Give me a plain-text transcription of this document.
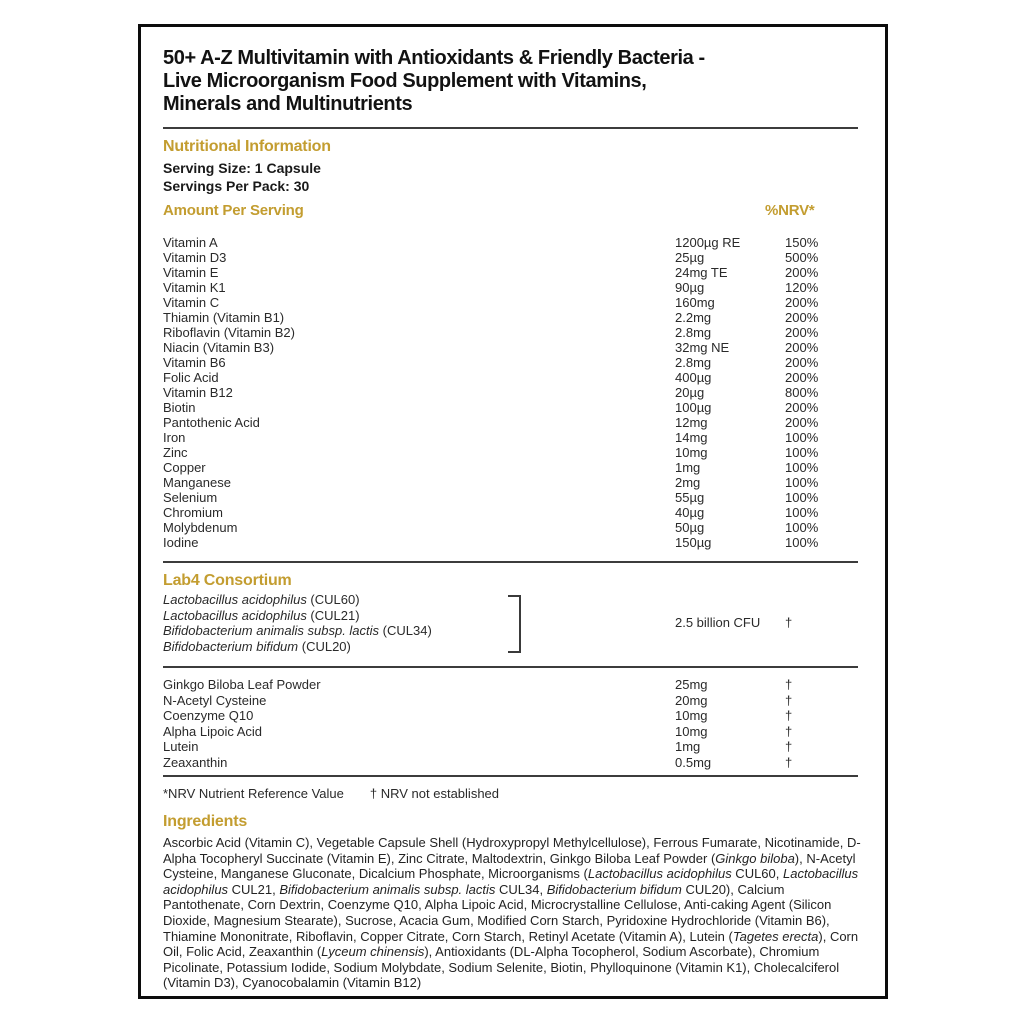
50+ A-Z Multivitamin with Antioxidants & Friendly Bacteria -
Live Microorganism Food Supplement with Vitamins,
Minerals and Multinutrients
Nutritional Information
Serving Size: 1 Capsule
Servings Per Pack: 30
Amount Per Serving	%NRV*
Vitamin A	1200µg RE	150%
Vitamin D3	25µg	500%
Vitamin E	24mg TE	200%
Vitamin K1	90µg	120%
Vitamin C	160mg	200%
Thiamin (Vitamin B1)	2.2mg	200%
Riboflavin (Vitamin B2)	2.8mg	200%
Niacin (Vitamin B3)	32mg NE	200%
Vitamin B6	2.8mg	200%
Folic Acid	400µg	200%
Vitamin B12	20µg	800%
Biotin	100µg	200%
Pantothenic Acid	12mg	200%
Iron	14mg	100%
Zinc	10mg	100%
Copper	1mg	100%
Manganese	2mg	100%
Selenium	55µg	100%
Chromium	40µg	100%
Molybdenum	50µg	100%
Iodine	150µg	100%
Lab4 Consortium
Lactobacillus acidophilus (CUL60)
Lactobacillus acidophilus (CUL21)
Bifidobacterium animalis subsp. lactis (CUL34)
Bifidobacterium bifidum (CUL20)
2.5 billion CFU †
Ginkgo Biloba Leaf Powder	25mg	†
N-Acetyl Cysteine	20mg	†
Coenzyme Q10	10mg	†
Alpha Lipoic Acid	10mg	†
Lutein	1mg	†
Zeaxanthin	0.5mg	†
*NRV Nutrient Reference Value † NRV not established
Ingredients
Ascorbic Acid (Vitamin C), Vegetable Capsule Shell (Hydroxypropyl Methylcellulose), Ferrous Fumarate, Nicotinamide, D-Alpha Tocopheryl Succinate (Vitamin E), Zinc Citrate, Maltodextrin, Ginkgo Biloba Leaf Powder (Ginkgo biloba), N-Acetyl Cysteine, Manganese Gluconate, Dicalcium Phosphate, Microorganisms (Lactobacillus acidophilus CUL60, Lactobacillus acidophilus CUL21, Bifidobacterium animalis subsp. lactis CUL34, Bifidobacterium bifidum CUL20), Calcium Pantothenate, Corn Dextrin, Coenzyme Q10, Alpha Lipoic Acid, Microcrystalline Cellulose, Anti-caking Agent (Silicon Dioxide, Magnesium Stearate), Sucrose, Acacia Gum, Modified Corn Starch, Pyridoxine Hydrochloride (Vitamin B6), Thiamine Mononitrate, Riboflavin, Copper Citrate, Corn Starch, Retinyl Acetate (Vitamin A), Lutein (Tagetes erecta), Corn Oil, Folic Acid, Zeaxanthin (Lyceum chinensis), Antioxidants (DL-Alpha Tocopherol, Sodium Ascorbate), Chromium Picolinate, Potassium Iodide, Sodium Molybdate, Sodium Selenite, Biotin, Phylloquinone (Vitamin K1), Cholecalciferol (Vitamin D3), Cyanocobalamin (Vitamin B12)
